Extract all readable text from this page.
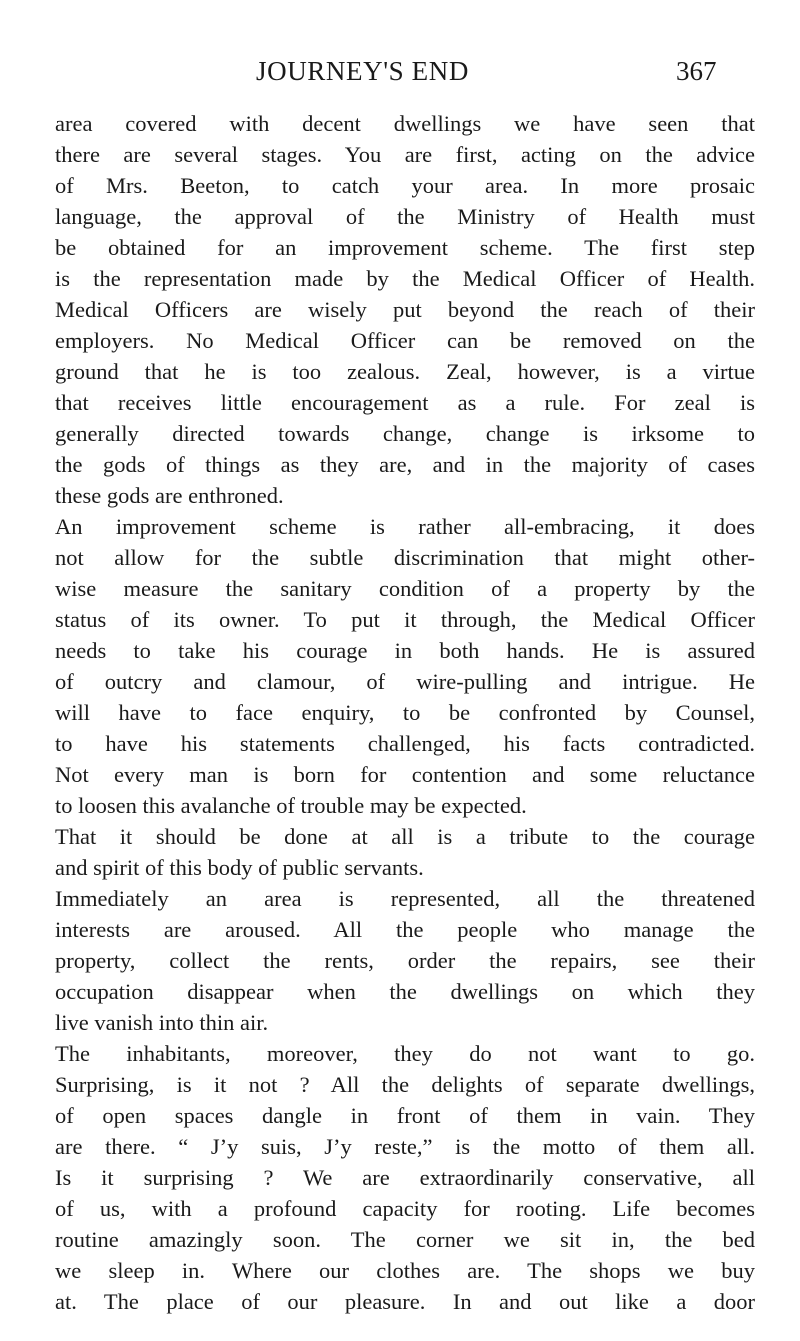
JOURNEY'S END	367
area covered with decent dwellings we have seen that
there are several stages. You are first, acting on the advice
of Mrs. Beeton, to catch your area. In more prosaic
language, the approval of the Ministry of Health must
be obtained for an improvement scheme. The first step
is the representation made by the Medical Officer of Health.
Medical Officers are wisely put beyond the reach of their
employers. No Medical Officer can be removed on the
ground that he is too zealous. Zeal, however, is a virtue
that receives little encouragement as a rule. For zeal is
generally directed towards change, change is irksome to
the gods of things as they are, and in the majority of cases
these gods are enthroned.
An improvement scheme is rather all-embracing, it does
not allow for the subtle discrimination that might other-
wise measure the sanitary condition of a property by the
status of its owner. To put it through, the Medical Officer
needs to take his courage in both hands. He is assured
of outcry and clamour, of wire-pulling and intrigue. He
will have to face enquiry, to be confronted by Counsel,
to have his statements challenged, his facts contradicted.
Not every man is born for contention and some reluctance
to loosen this avalanche of trouble may be expected.
That it should be done at all is a tribute to the courage
and spirit of this body of public servants.
Immediately an area is represented, all the threatened
interests are aroused. All the people who manage the
property, collect the rents, order the repairs, see their
occupation disappear when the dwellings on which they
live vanish into thin air.
The inhabitants, moreover, they do not want to go.
Surprising, is it not ? All the delights of separate dwellings,
of open spaces dangle in front of them in vain. They
are there. “ J’y suis, J’y reste,” is the motto of them all.
Is it surprising ? We are extraordinarily conservative, all
of us, with a profound capacity for rooting. Life becomes
routine amazingly soon. The corner we sit in, the bed
we sleep in. Where our clothes are. The shops we buy
at. The place of our pleasure. In and out like a door
